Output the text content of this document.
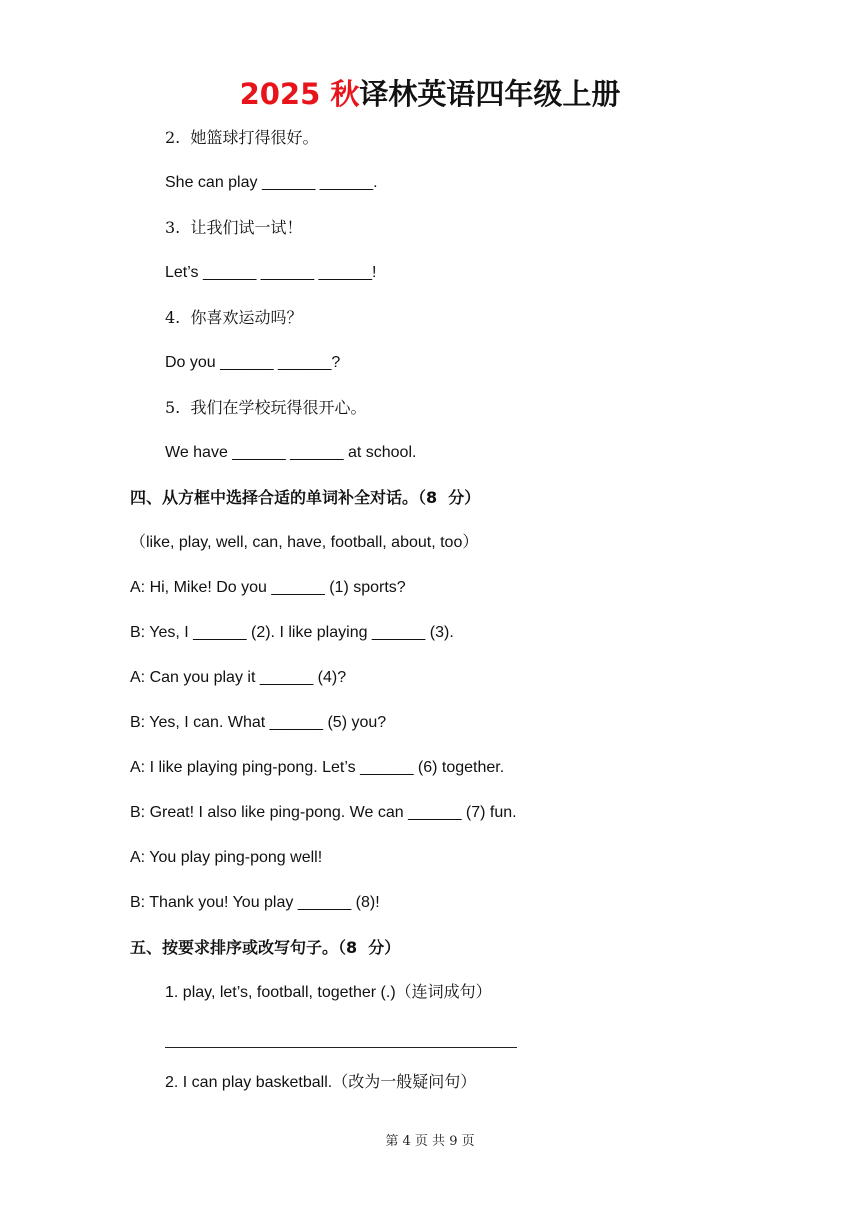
2025 秋译林英语四年级上册
2.  她篮球打得很好。
She can play ______ ______.
3.  让我们试一试！
Let’s ______ ______ ______!
4.  你喜欢运动吗？
Do you ______ ______?
5.  我们在学校玩得很开心。
We have ______ ______ at school.
四、从方框中选择合适的单词补全对话。（8  分）
（like, play, well, can, have, football, about, too）
A: Hi, Mike! Do you ______ (1) sports?
B: Yes, I ______ (2). I like playing ______ (3).
A: Can you play it ______ (4)?
B: Yes, I can. What ______ (5) you?
A: I like playing ping-pong. Let’s ______ (6) together.
B: Great! I also like ping-pong. We can ______ (7) fun.
A: You play ping-pong well!
B: Thank you! You play ______ (8)!
五、按要求排序或改写句子。（8  分）
1. play, let’s, football, together (.)（连词成句）
2. I can play basketball.（改为一般疑问句）
第 4 页 共 9 页
